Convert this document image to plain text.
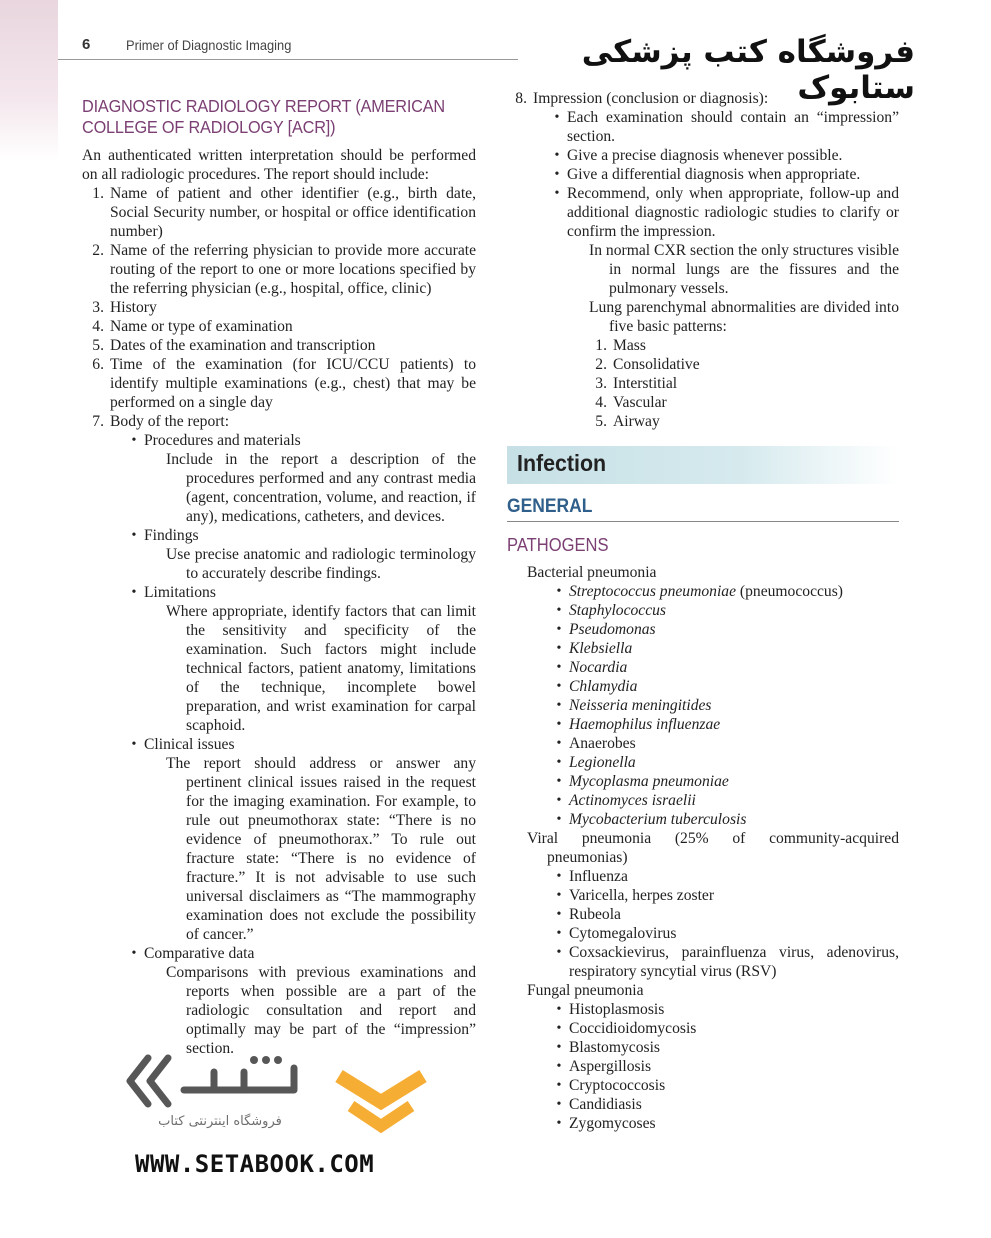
6	Primer of Diagnostic Imaging	فروشگاه کتب پزشکی ستابوک
DIAGNOSTIC RADIOLOGY REPORT (AMERICAN COLLEGE OF RADIOLOGY [ACR])

An authenticated written interpretation should be performed on all radiologic procedures. The report should include:

1. Name of patient and other identifier (e.g., birth date, Social Security number, or hospital or office identification number)
2. Name of the referring physician to provide more accurate routing of the report to one or more locations specified by the referring physician (e.g., hospital, office, clinic)
3. History
4. Name or type of examination
5. Dates of the examination and transcription
6. Time of the examination (for ICU/CCU patients) to identify multiple examinations (e.g., chest) that may be performed on a single day
7. Body of the report:
• Procedures and materials
Include in the report a description of the procedures performed and any contrast media (agent, concentration, volume, and reaction, if any), medications, catheters, and devices.
• Findings
Use precise anatomic and radiologic terminology to accurately describe findings.
• Limitations
Where appropriate, identify factors that can limit the sensitivity and specificity of the examination. Such factors might include technical factors, patient anatomy, limitations of the technique, incomplete bowel preparation, and wrist examination for carpal scaphoid.
• Clinical issues
The report should address or answer any pertinent clinical issues raised in the request for the imaging examination. For example, to rule out pneumothorax state: “There is no evidence of pneumothorax.” To rule out fracture state: “There is no evidence of fracture.” It is not advisable to use such universal disclaimers as “The mammography examination does not exclude the possibility of cancer.”
• Comparative data
Comparisons with previous examinations and reports when possible are a part of the radiologic consultation and report and optimally may be part of the “impression” section.
8. Impression (conclusion or diagnosis):
• Each examination should contain an “impression” section.
• Give a precise diagnosis whenever possible.
• Give a differential diagnosis when appropriate.
• Recommend, only when appropriate, follow-up and additional diagnostic radiologic studies to clarify or confirm the impression.
In normal CXR section the only structures visible in normal lungs are the fissures and the pulmonary vessels.
Lung parenchymal abnormalities are divided into five basic patterns:
1. Mass
2. Consolidative
3. Interstitial
4. Vascular
5. Airway
Infection
GENERAL
PATHOGENS
Bacterial pneumonia
• Streptococcus pneumoniae (pneumococcus)
• Staphylococcus
• Pseudomonas
• Klebsiella
• Nocardia
• Chlamydia
• Neisseria meningitides
• Haemophilus influenzae
• Anaerobes
• Legionella
• Mycoplasma pneumoniae
• Actinomyces israelii
• Mycobacterium tuberculosis
Viral pneumonia (25% of community-acquired pneumonias)
• Influenza
• Varicella, herpes zoster
• Rubeola
• Cytomegalovirus
• Coxsackievirus, parainfluenza virus, adenovirus, respiratory syncytial virus (RSV)
Fungal pneumonia
• Histoplasmosis
• Coccidioidomycosis
• Blastomycosis
• Aspergillosis
• Cryptococcosis
• Candidiasis
• Zygomycoses
فروشگاه اینترنتی کتاب
WWW.SETABOOK.COM
